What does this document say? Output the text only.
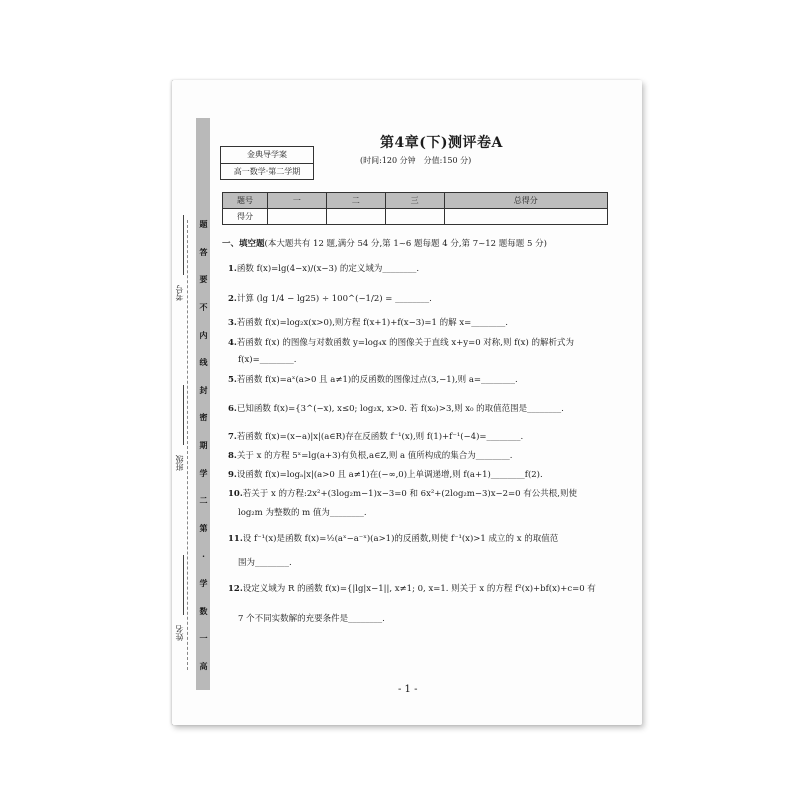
考号
班级
姓名
题
答
要
不
内
线
封
密
期
学
二
第
·
学
数
一
高
金典导学案
高一数学·第二学期
第4章(下)测评卷A
(时间:120 分钟　分值:150 分)
题号	一	二	三	总得分
得分				
一、填空题(本大题共有 12 题,满分 54 分,第 1~6 题每题 4 分,第 7~12 题每题 5 分)
1.函数 f(x)=lg(4−x)/(x−3) 的定义域为________.
2.计算 (lg 1/4 − lg25) ÷ 100^(−1/2) = ________.
3.若函数 f(x)=log₂x(x>0),则方程 f(x+1)+f(x−3)=1 的解 x=________.
4.若函数 f(x) 的图像与对数函数 y=log₄x 的图像关于直线 x+y=0 对称,则 f(x) 的解析式为
f(x)=________.
5.若函数 f(x)=aˣ(a>0 且 a≠1)的反函数的图像过点(3,−1),则 a=________.
6.已知函数 f(x)={3^(−x), x≤0; log₂x, x>0. 若 f(x₀)>3,则 x₀ 的取值范围是________.
7.若函数 f(x)=(x−a)|x|(a∈R)存在反函数 f⁻¹(x),则 f(1)+f⁻¹(−4)=________.
8.关于 x 的方程 5ˣ=lg(a+3)有负根,a∈Z,则 a 值所构成的集合为________.
9.设函数 f(x)=logₐ|x|(a>0 且 a≠1)在(−∞,0)上单调递增,则 f(a+1)________f(2).
10.若关于 x 的方程:2x²+(3log₂m−1)x−3=0 和 6x²+(2log₂m−3)x−2=0 有公共根,则使
log₂m 为整数的 m 值为________.
11.设 f⁻¹(x)是函数 f(x)=½(aˣ−a⁻ˣ)(a>1)的反函数,则使 f⁻¹(x)>1 成立的 x 的取值范
围为________.
12.设定义域为 R 的函数 f(x)={|lg|x−1||, x≠1; 0, x=1. 则关于 x 的方程 f²(x)+bf(x)+c=0 有
7 个不同实数解的充要条件是________.
- 1 -
